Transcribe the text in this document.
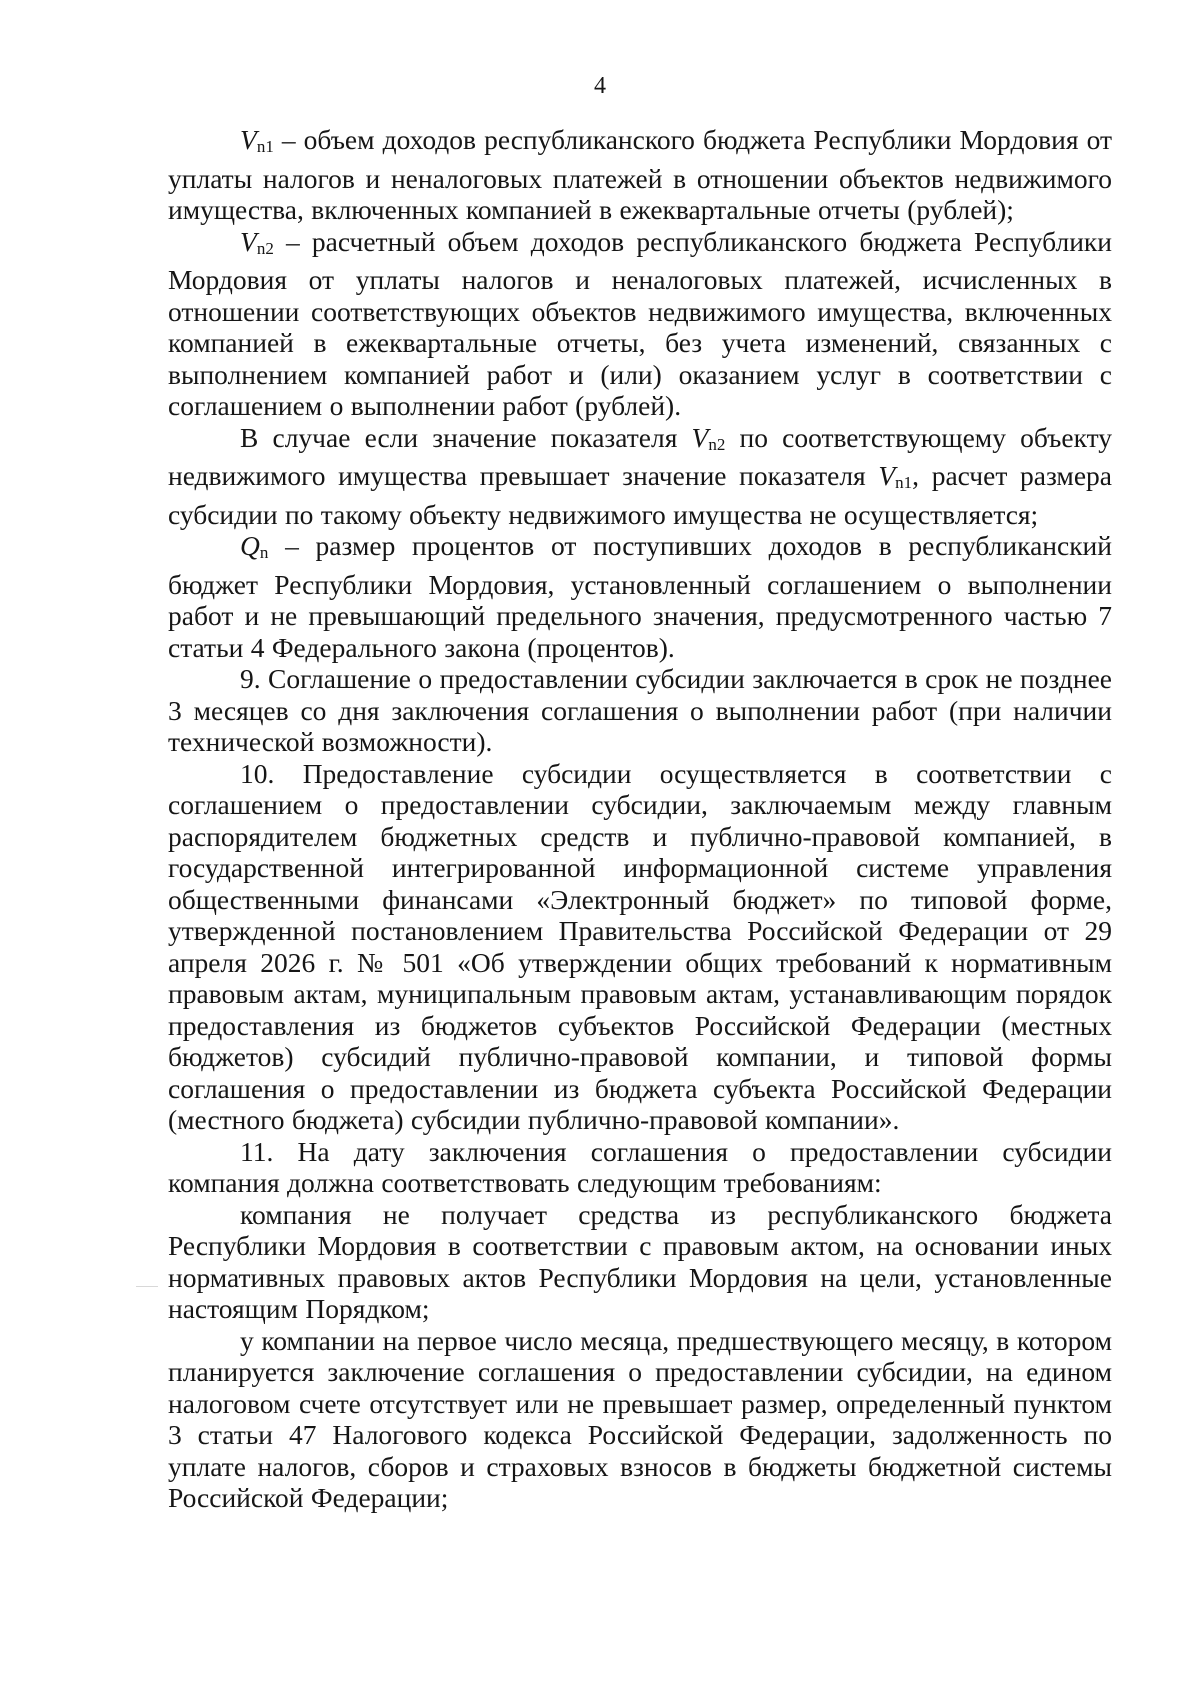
4

Vn1 – объем доходов республиканского бюджета Республики Мордовия от уплаты налогов и неналоговых платежей в отношении объектов недвижимого имущества, включенных компанией в ежеквартальные отчеты (рублей);

Vn2 – расчетный объем доходов республиканского бюджета Республики Мордовия от уплаты налогов и неналоговых платежей, исчисленных в отношении соответствующих объектов недвижимого имущества, включенных компанией в ежеквартальные отчеты, без учета изменений, связанных с выполнением компанией работ и (или) оказанием услуг в соответствии с соглашением о выполнении работ (рублей).

В случае если значение показателя Vn2 по соответствующему объекту недвижимого имущества превышает значение показателя Vn1, расчет размера субсидии по такому объекту недвижимого имущества не осуществляется;

Qn – размер процентов от поступивших доходов в республиканский бюджет Республики Мордовия, установленный соглашением о выполнении работ и не превышающий предельного значения, предусмотренного частью 7 статьи 4 Федерального закона (процентов).

9. Соглашение о предоставлении субсидии заключается в срок не позднее 3 месяцев со дня заключения соглашения о выполнении работ (при наличии технической возможности).

10. Предоставление субсидии осуществляется в соответствии с соглашением о предоставлении субсидии, заключаемым между главным распорядителем бюджетных средств и публично-правовой компанией, в государственной интегрированной информационной системе управления общественными финансами «Электронный бюджет» по типовой форме, утвержденной постановлением Правительства Российской Федерации от 29 апреля 2026 г. № 501 «Об утверждении общих требований к нормативным правовым актам, муниципальным правовым актам, устанавливающим порядок предоставления из бюджетов субъектов Российской Федерации (местных бюджетов) субсидий публично-правовой компании, и типовой формы соглашения о предоставлении из бюджета субъекта Российской Федерации (местного бюджета) субсидии публично-правовой компании».

11. На дату заключения соглашения о предоставлении субсидии компания должна соответствовать следующим требованиям:

компания не получает средства из республиканского бюджета Республики Мордовия в соответствии с правовым актом, на основании иных нормативных правовых актов Республики Мордовия на цели, установленные настоящим Порядком;

у компании на первое число месяца, предшествующего месяцу, в котором планируется заключение соглашения о предоставлении субсидии, на едином налоговом счете отсутствует или не превышает размер, определенный пунктом 3 статьи 47 Налогового кодекса Российской Федерации, задолженность по уплате налогов, сборов и страховых взносов в бюджеты бюджетной системы Российской Федерации;
